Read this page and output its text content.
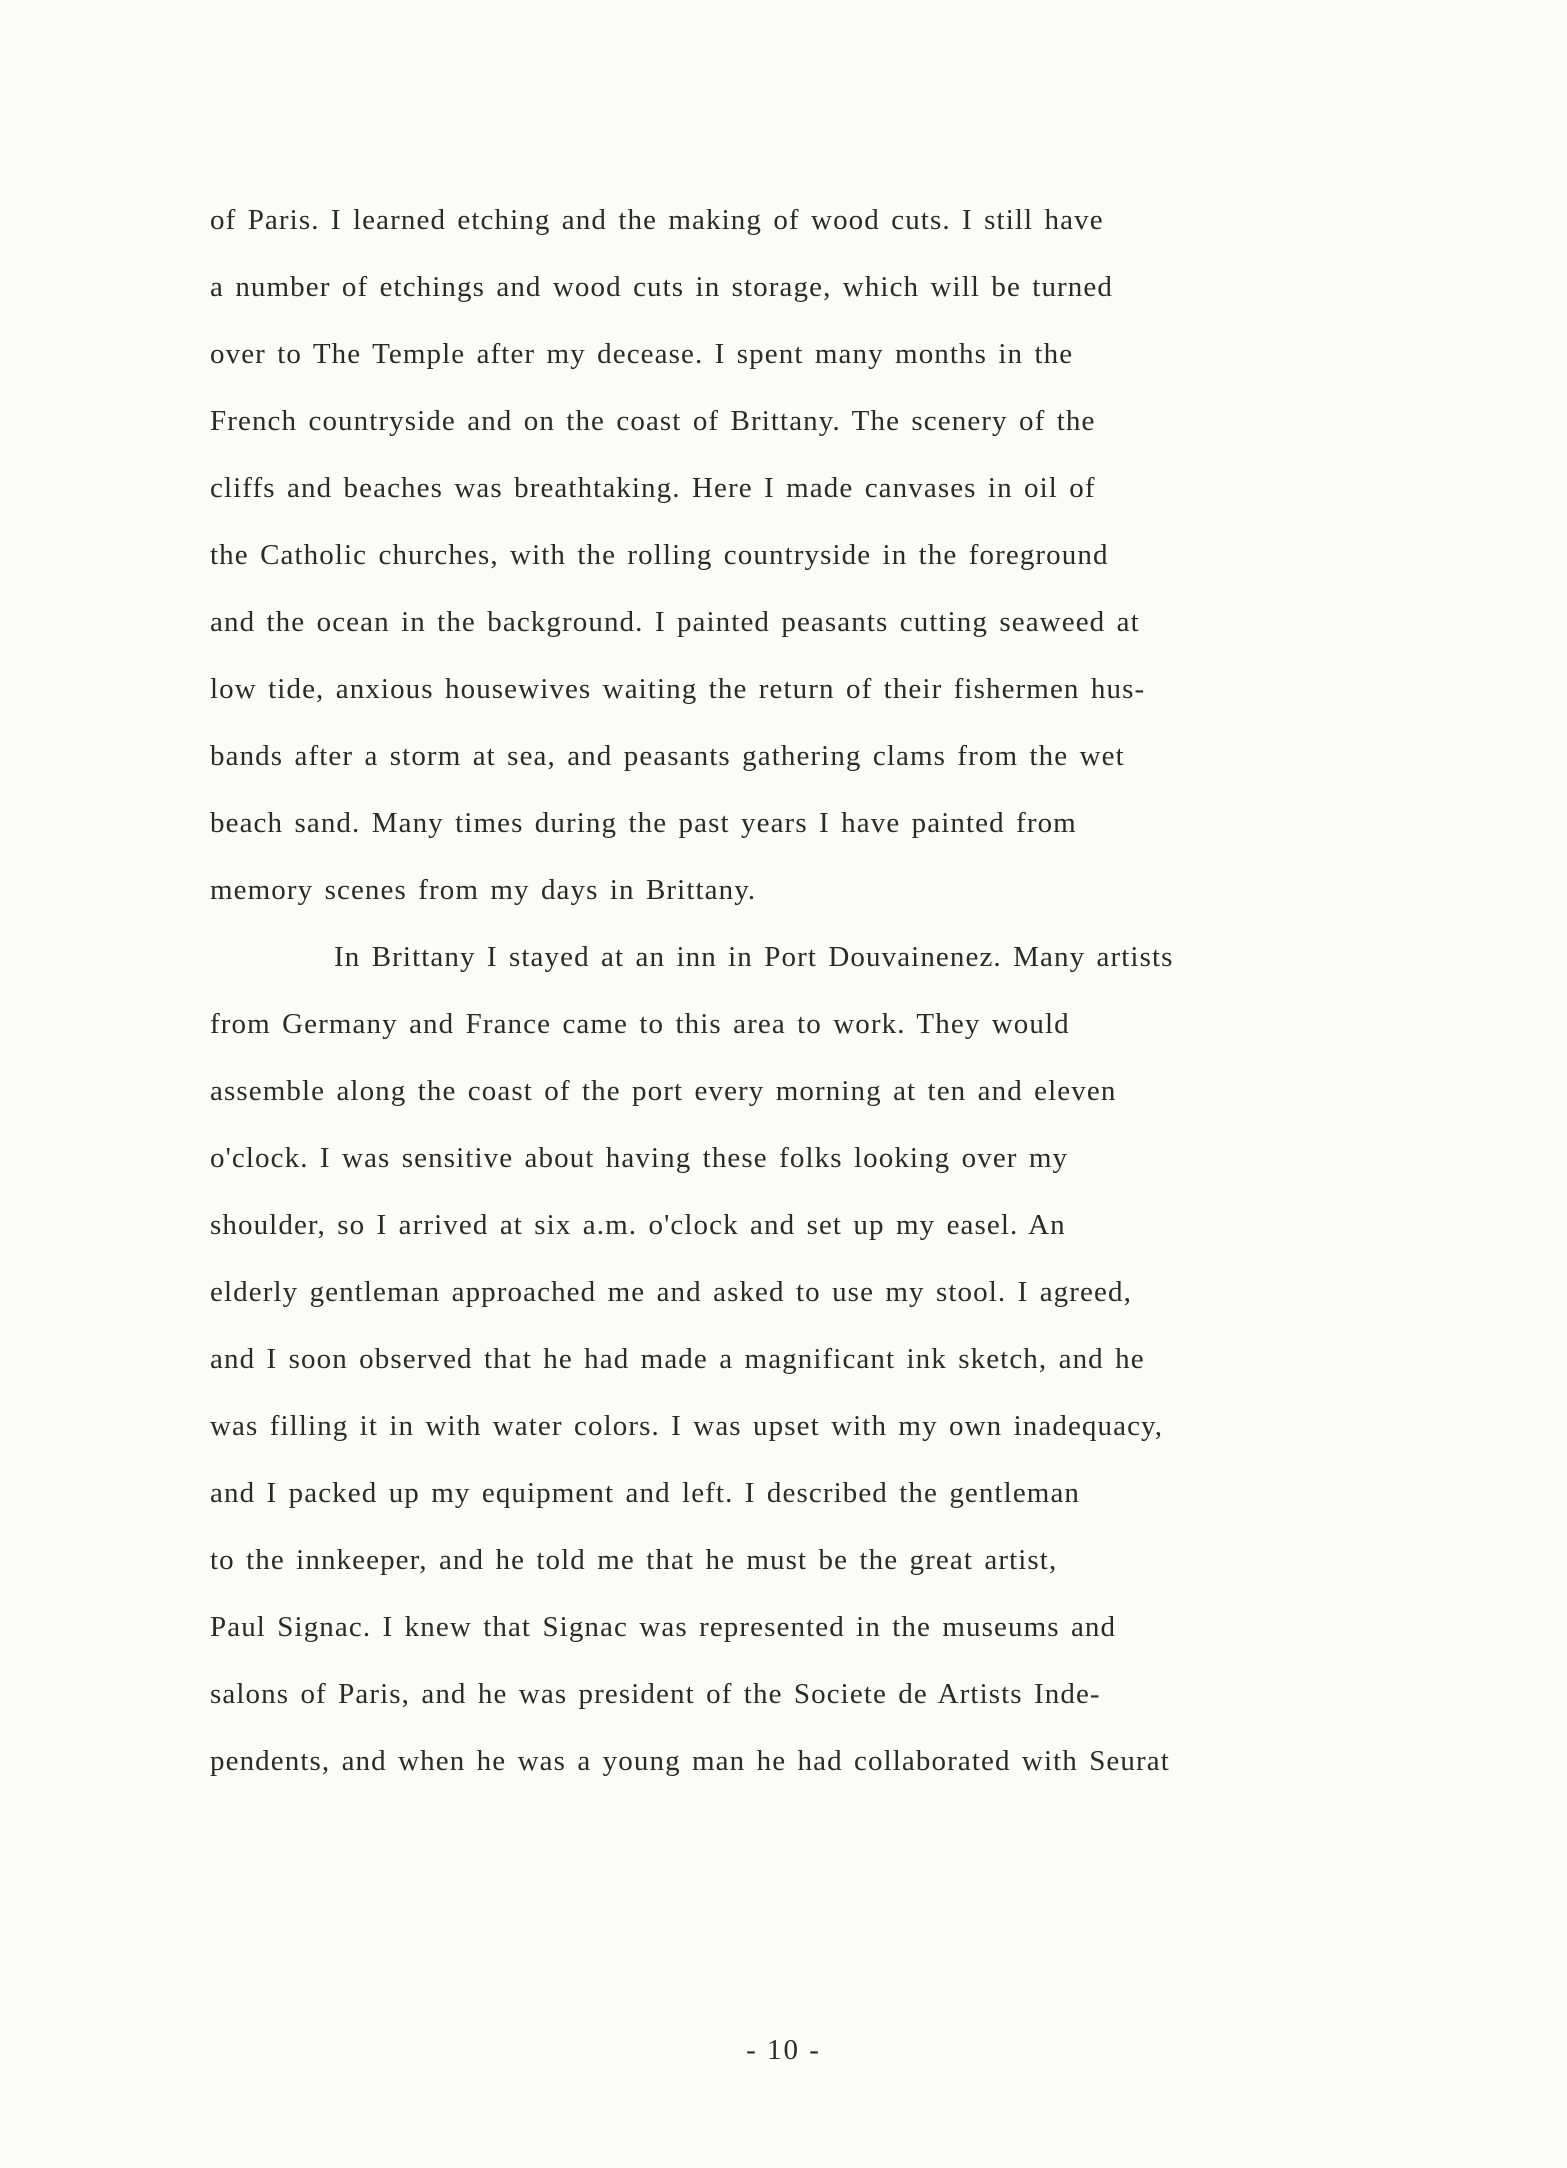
of Paris. I learned etching and the making of wood cuts. I still have
a number of etchings and wood cuts in storage, which will be turned
over to The Temple after my decease. I spent many months in the
French countryside and on the coast of Brittany. The scenery of the
cliffs and beaches was breathtaking. Here I made canvases in oil of
the Catholic churches, with the rolling countryside in the foreground
and the ocean in the background. I painted peasants cutting seaweed at
low tide, anxious housewives waiting the return of their fishermen hus-
bands after a storm at sea, and peasants gathering clams from the wet
beach sand. Many times during the past years I have painted from
memory scenes from my days in Brittany.
In Brittany I stayed at an inn in Port Douvainenez. Many artists
from Germany and France came to this area to work. They would
assemble along the coast of the port every morning at ten and eleven
o'clock. I was sensitive about having these folks looking over my
shoulder, so I arrived at six a.m. o'clock and set up my easel. An
elderly gentleman approached me and asked to use my stool. I agreed,
and I soon observed that he had made a magnificant ink sketch, and he
was filling it in with water colors. I was upset with my own inadequacy,
and I packed up my equipment and left. I described the gentleman
to the innkeeper, and he told me that he must be the great artist,
Paul Signac. I knew that Signac was represented in the museums and
salons of Paris, and he was president of the Societe de Artists Inde-
pendents, and when he was a young man he had collaborated with Seurat
- 10 -
